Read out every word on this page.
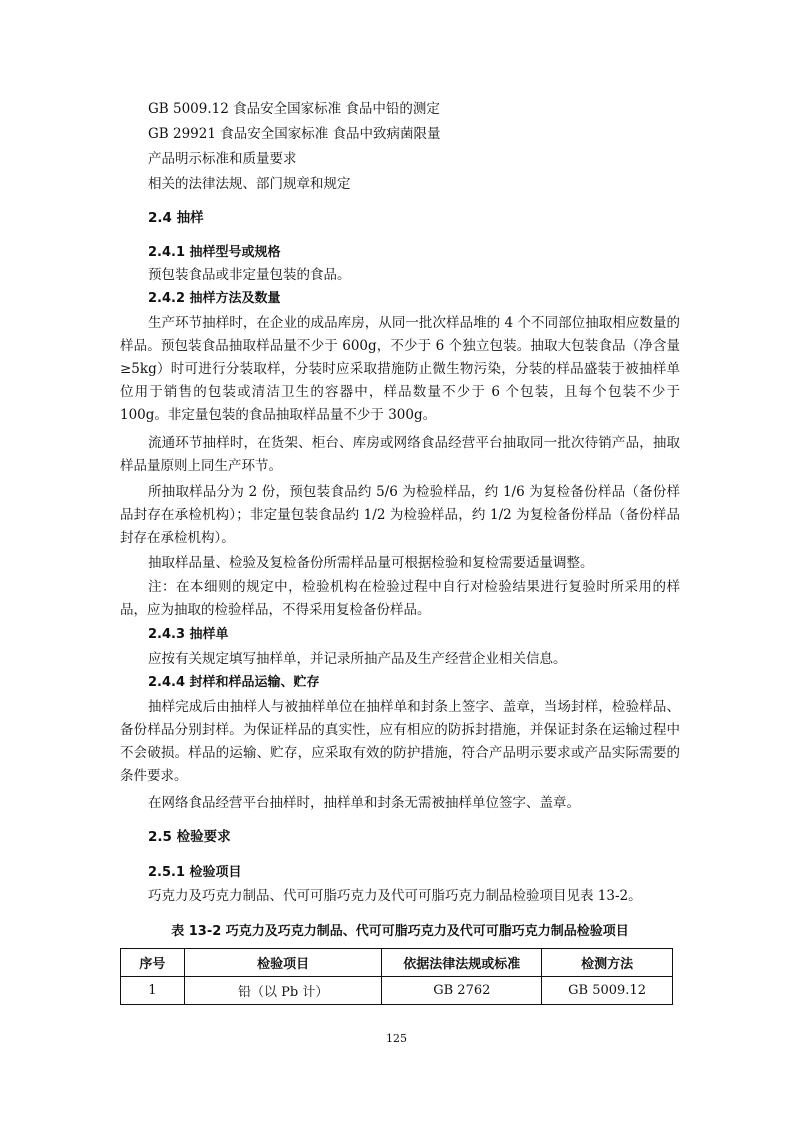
GB 5009.12 食品安全国家标准 食品中铅的测定
GB 29921 食品安全国家标准 食品中致病菌限量
产品明示标准和质量要求
相关的法律法规、部门规章和规定
2.4 抽样
2.4.1 抽样型号或规格
预包装食品或非定量包装的食品。
2.4.2 抽样方法及数量
生产环节抽样时，在企业的成品库房，从同一批次样品堆的 4 个不同部位抽取相应数量的样品。预包装食品抽取样品量不少于 600g，不少于 6 个独立包装。抽取大包装食品（净含量≥5kg）时可进行分装取样，分装时应采取措施防止微生物污染，分装的样品盛装于被抽样单位用于销售的包装或清洁卫生的容器中，样品数量不少于 6 个包装，且每个包装不少于 100g。非定量包装的食品抽取样品量不少于 300g。
流通环节抽样时，在货架、柜台、库房或网络食品经营平台抽取同一批次待销产品，抽取样品量原则上同生产环节。
所抽取样品分为 2 份，预包装食品约 5/6 为检验样品，约 1/6 为复检备份样品（备份样品封存在承检机构）；非定量包装食品约 1/2 为检验样品，约 1/2 为复检备份样品（备份样品封存在承检机构）。
抽取样品量、检验及复检备份所需样品量可根据检验和复检需要适量调整。
注：在本细则的规定中，检验机构在检验过程中自行对检验结果进行复验时所采用的样品，应为抽取的检验样品，不得采用复检备份样品。
2.4.3 抽样单
应按有关规定填写抽样单，并记录所抽产品及生产经营企业相关信息。
2.4.4 封样和样品运输、贮存
抽样完成后由抽样人与被抽样单位在抽样单和封条上签字、盖章，当场封样，检验样品、备份样品分别封样。为保证样品的真实性，应有相应的防拆封措施，并保证封条在运输过程中不会破损。样品的运输、贮存，应采取有效的防护措施，符合产品明示要求或产品实际需要的条件要求。
在网络食品经营平台抽样时，抽样单和封条无需被抽样单位签字、盖章。
2.5 检验要求
2.5.1 检验项目
巧克力及巧克力制品、代可可脂巧克力及代可可脂巧克力制品检验项目见表 13-2。
表 13-2 巧克力及巧克力制品、代可可脂巧克力及代可可脂巧克力制品检验项目
序号	检验项目	依据法律法规或标准	检测方法
1	铅（以 Pb 计）	GB 2762	GB 5009.12
125
